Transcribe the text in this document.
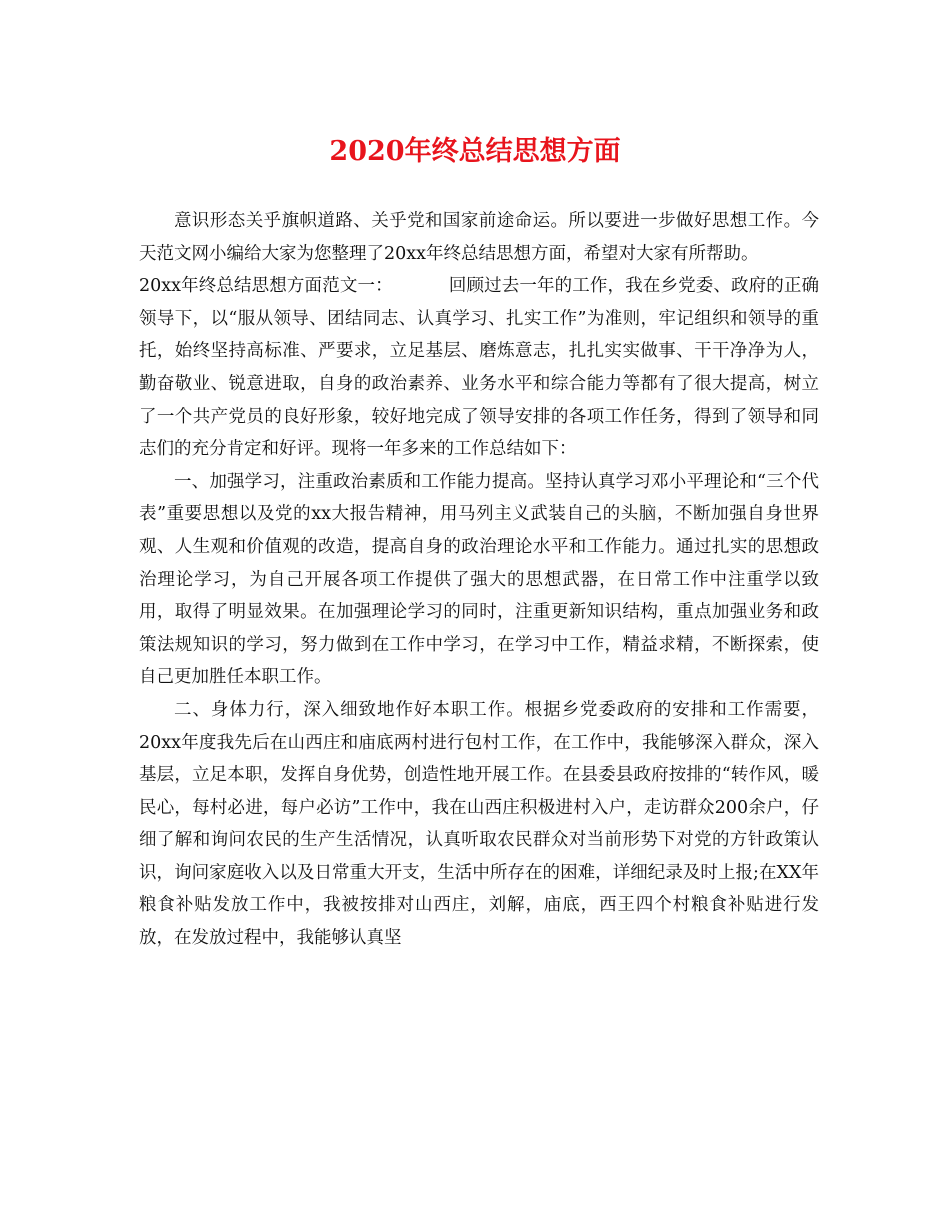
2020年终总结思想方面

意识形态关乎旗帜道路、关乎党和国家前途命运。所以要进一步做好思想工作。今天范文网小编给大家为您整理了20xx年终总结思想方面，希望对大家有所帮助。

20xx年终总结思想方面范文一：	回顾过去一年的工作，我在乡党委、政府的正确领导下，以“服从领导、团结同志、认真学习、扎实工作”为准则，牢记组织和领导的重托，始终坚持高标准、严要求，立足基层、磨炼意志，扎扎实实做事、干干净净为人，勤奋敬业、锐意进取，自身的政治素养、业务水平和综合能力等都有了很大提高，树立了一个共产党员的良好形象，较好地完成了领导安排的各项工作任务，得到了领导和同志们的充分肯定和好评。现将一年多来的工作总结如下：

一、加强学习，注重政治素质和工作能力提高。坚持认真学习邓小平理论和“三个代表”重要思想以及党的xx大报告精神，用马列主义武装自己的头脑，不断加强自身世界观、人生观和价值观的改造，提高自身的政治理论水平和工作能力。通过扎实的思想政治理论学习，为自己开展各项工作提供了强大的思想武器，在日常工作中注重学以致用，取得了明显效果。在加强理论学习的同时，注重更新知识结构，重点加强业务和政策法规知识的学习，努力做到在工作中学习，在学习中工作，精益求精，不断探索，使自己更加胜任本职工作。

二、身体力行，深入细致地作好本职工作。根据乡党委政府的安排和工作需要，20xx年度我先后在山西庄和庙底两村进行包村工作，在工作中，我能够深入群众，深入基层，立足本职，发挥自身优势，创造性地开展工作。在县委县政府按排的“转作风，暖民心，每村必进，每户必访”工作中，我在山西庄积极进村入户，走访群众200余户，仔细了解和询问农民的生产生活情况，认真听取农民群众对当前形势下对党的方针政策认识，询问家庭收入以及日常重大开支，生活中所存在的困难，详细纪录及时上报;在XX年粮食补贴发放工作中，我被按排对山西庄，刘解，庙底，西王四个村粮食补贴进行发放，在发放过程中，我能够认真坚
